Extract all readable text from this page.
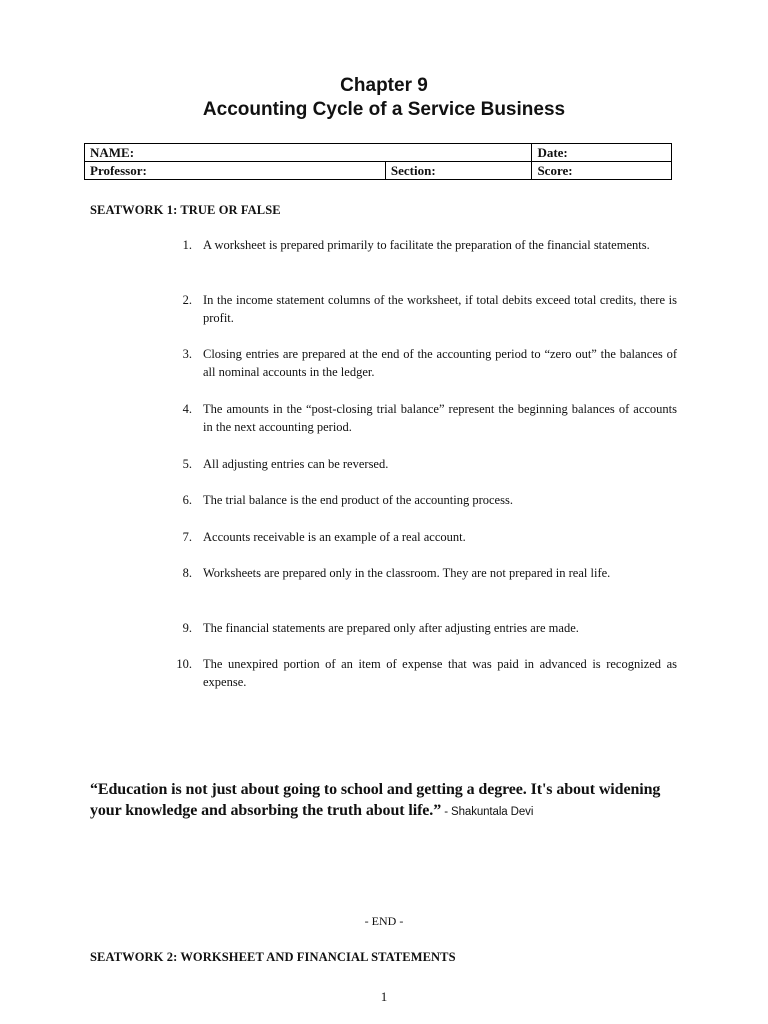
Chapter 9
Accounting Cycle of a Service Business
NAME:		Date:
Professor:	Section:	Score:
SEATWORK 1: TRUE OR FALSE
1. A worksheet is prepared primarily to facilitate the preparation of the financial statements.
2. In the income statement columns of the worksheet, if total debits exceed total credits, there is profit.
3. Closing entries are prepared at the end of the accounting period to “zero out” the balances of all nominal accounts in the ledger.
4. The amounts in the “post-closing trial balance” represent the beginning balances of accounts in the next accounting period.
5. All adjusting entries can be reversed.
6. The trial balance is the end product of the accounting process.
7. Accounts receivable is an example of a real account.
8. Worksheets are prepared only in the classroom. They are not prepared in real life.
9. The financial statements are prepared only after adjusting entries are made.
10. The unexpired portion of an item of expense that was paid in advanced is recognized as expense.
“Education is not just about going to school and getting a degree. It's about widening your knowledge and absorbing the truth about life.” - Shakuntala Devi
- END -
SEATWORK 2: WORKSHEET AND FINANCIAL STATEMENTS
1
